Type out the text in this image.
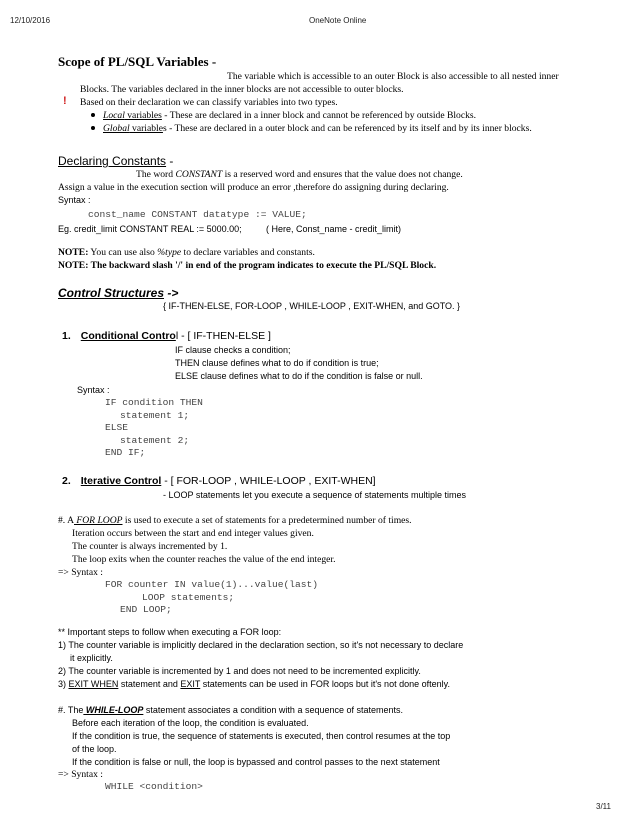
12/10/2016	OneNote Online
Scope of PL/SQL Variables -
The variable which is accessible to an outer Block is also accessible to all nested inner
Blocks. The variables declared in the inner blocks are not accessible to outer blocks.
! Based on their declaration we can classify variables into two types.
Local variables - These are declared in a inner block and cannot be referenced by outside Blocks.
Global variables - These are declared in a outer block and can be referenced by its itself and by its inner blocks.
Declaring Constants -
The word CONSTANT is a reserved word and ensures that the value does not change.
Assign a value in the execution section will produce an error ,therefore do assigning during declaring.
Syntax :
const_name CONSTANT datatype := VALUE;
Eg. credit_limit CONSTANT REAL := 5000.00;	( Here, Const_name - credit_limit)
NOTE: You can use also %type to declare variables and constants.
NOTE: The backward slash '/' in end of the program indicates to execute the PL/SQL Block.
Control Structures ->
{ IF-THEN-ELSE, FOR-LOOP , WHILE-LOOP , EXIT-WHEN, and GOTO. }
1. Conditional Control - [ IF-THEN-ELSE ]
IF clause checks a condition;
THEN clause defines what to do if condition is true;
ELSE clause defines what to do if the condition is false or null.
Syntax :
IF condition THEN
statement 1;
ELSE
statement 2;
END IF;
2. Iterative Control - [ FOR-LOOP , WHILE-LOOP , EXIT-WHEN]
- LOOP statements let you execute a sequence of statements multiple times
#. A FOR LOOP is used to execute a set of statements for a predetermined number of times.
Iteration occurs between the start and end integer values given.
The counter is always incremented by 1.
The loop exits when the counter reaches the value of the end integer.
=> Syntax :
FOR counter IN value(1)...value(last)
LOOP statements;
END LOOP;
** Important steps to follow when executing a FOR loop:
1) The counter variable is implicitly declared in the declaration section, so it's not necessary to declare
it explicitly.
2) The counter variable is incremented by 1 and does not need to be incremented explicitly.
3) EXIT WHEN statement and EXIT statements can be used in FOR loops but it's not done oftenly.
#. The WHILE-LOOP statement associates a condition with a sequence of statements.
Before each iteration of the loop, the condition is evaluated.
If the condition is true, the sequence of statements is executed, then control resumes at the top
of the loop.
If the condition is false or null, the loop is bypassed and control passes to the next statement
=> Syntax :
WHILE <condition>
3/11
